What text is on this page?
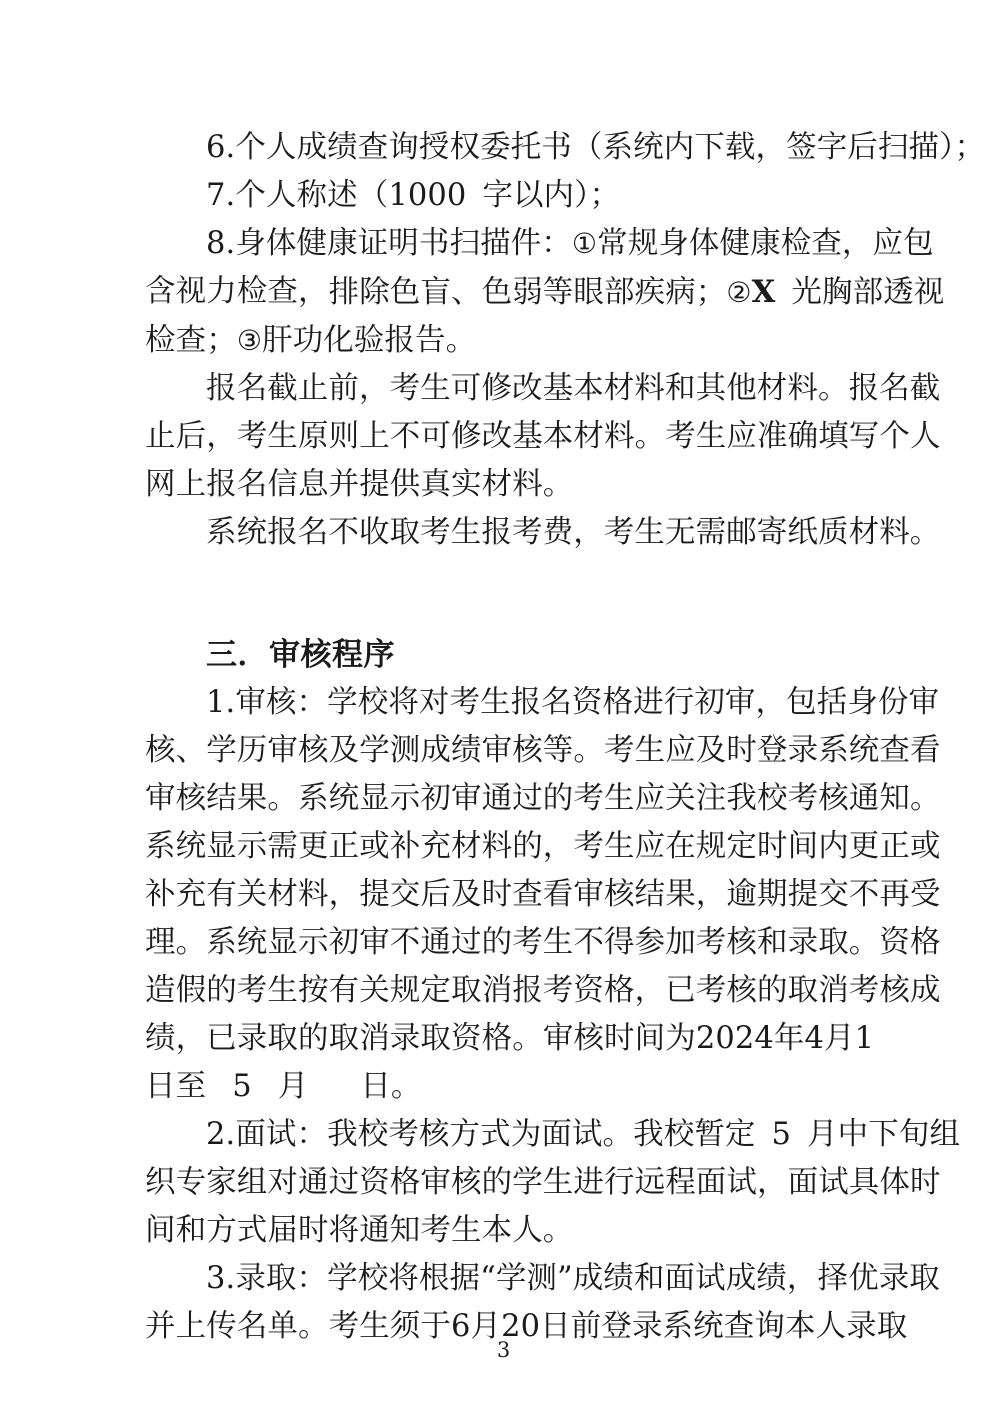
6.个人成绩查询授权委托书（系统内下载，签字后扫描）；
7.个人称述（1000 字以内）；
8.身体健康证明书扫描件： ①常规身体健康检查，应包
含视力检查， 排除色盲、色弱等眼部疾病；②X 光胸部透视
检查；③肝功化验报告。
报名截止前，考生可修改基本材料和其他材料。报名截
止后， 考生原则上不可修改基本材料。考生应准确填写个人
网上报名信息并提供真实材料。
系统报名不收取考生报考费，考生无需邮寄纸质材料。
三．审核程序
1.审核： 学校将对考生报名资格进行初审，包括身份审
核、学历审核及学测成绩审核等。考生应及时登录系统查看
审核结果。系统显示初审通过的考生应关注我校考核通知。
系统显示需更正或补充材料的，考生应在规定时间内更正或
补充有关材料，提交后及时查看审核结果，逾期提交不再受
理。系统显示初审不通过的考生不得参加考核和录取。资格
造假的考生按有关规定取消报考资格， 已考核的取消考核成
绩，已录取的取消录取资格。 审核时间为 2024 年 4 月 1
日至 5 月 日。
2.面试： 我校考核方式为面试。我校暂定 5 月中下旬组
织专家组对通过资格审核的学生进行远程面试， 面试具体时
间和方式届时将通知考生本人。
3.录取： 学校将根据“学测”成绩和面试成绩，择优录取
并上传名单。考生须于 6 月 20 日前登录系统查询本人录取
3
